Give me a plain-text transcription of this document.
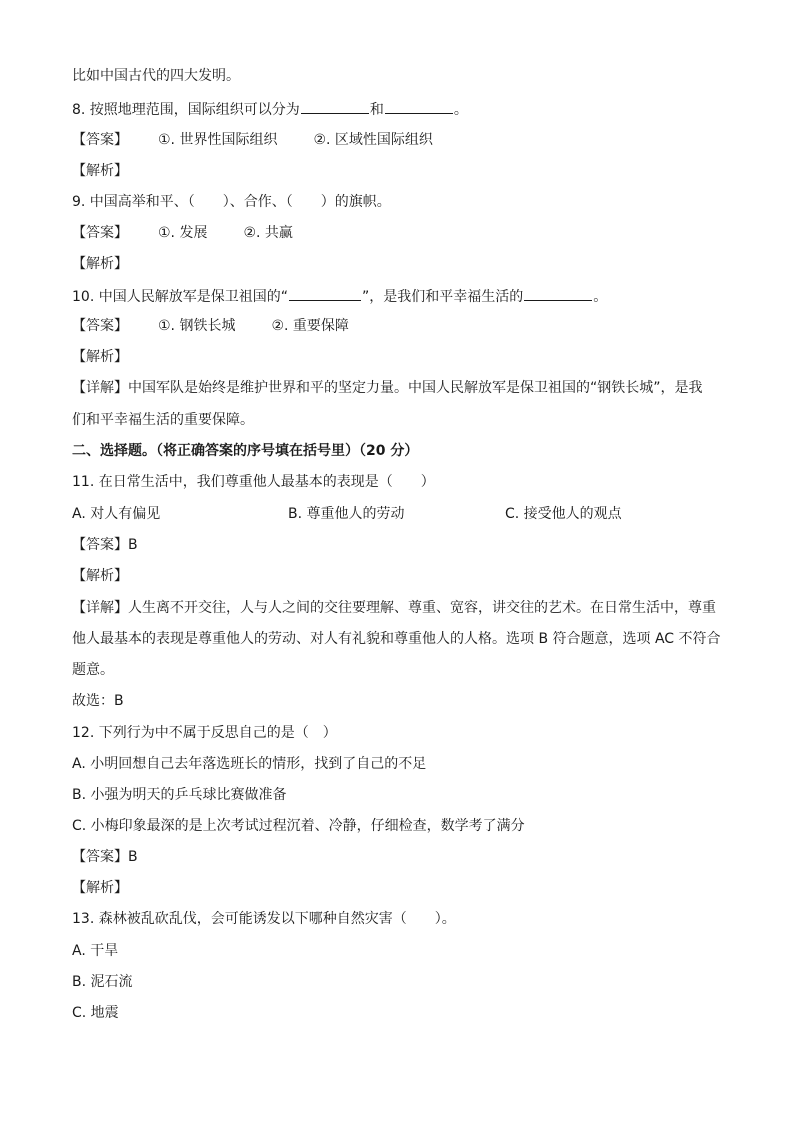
比如中国古代的四大发明。
8. 按照地理范围，国际组织可以分为	和	。
【答案】 ①. 世界性国际组织	②. 区域性国际组织
【解析】
9. 中国高举和平、（　　）、合作、（　　）的旗帜。
【答案】 ①. 发展	②. 共赢
【解析】
10. 中国人民解放军是保卫祖国的“	”，是我们和平幸福生活的	。
【答案】 ①. 钢铁长城	②. 重要保障
【解析】
【详解】中国军队是始终是维护世界和平的坚定力量。中国人民解放军是保卫祖国的“钢铁长城”，是我
们和平幸福生活的重要保障。
二、选择题。（将正确答案的序号填在括号里）（20 分）
11. 在日常生活中，我们尊重他人最基本的表现是（　　）
A. 对人有偏见	B. 尊重他人的劳动	C. 接受他人的观点
【答案】B
【解析】
【详解】人生离不开交往，人与人之间的交往要理解、尊重、宽容，讲交往的艺术。在日常生活中，尊重
他人最基本的表现是尊重他人的劳动、对人有礼貌和尊重他人的人格。选项 B 符合题意，选项 AC 不符合
题意。
故选：B
12. 下列行为中不属于反思自己的是（　）
A. 小明回想自己去年落选班长的情形，找到了自己的不足
B. 小强为明天的乒乓球比赛做准备
C. 小梅印象最深的是上次考试过程沉着、冷静，仔细检查，数学考了满分
【答案】B
【解析】
13. 森林被乱砍乱伐，会可能诱发以下哪种自然灾害（　　）。
A. 干旱
B. 泥石流
C. 地震
